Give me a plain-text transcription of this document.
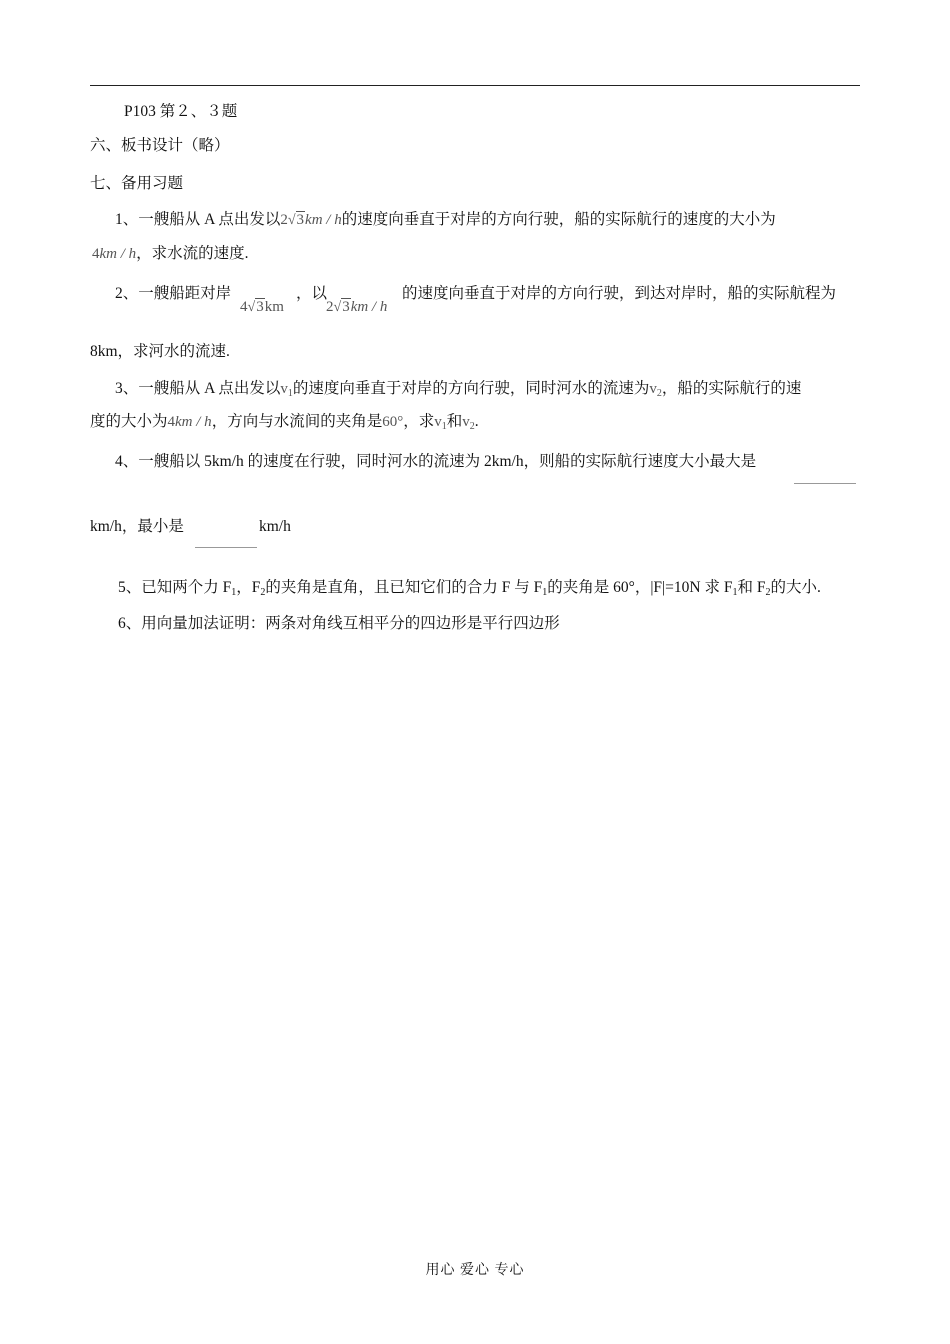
P103 第２、３题
六、板书设计（略）
七、备用习题
1、一艘船从 A 点出发以2√3km / h的速度向垂直于对岸的方向行驶，船的实际航行的速度的大小为
4km / h，求水流的速度.
2、一艘船距对岸
4√3km
，以
2√3km / h
的速度向垂直于对岸的方向行驶，到达对岸时，船的实际航程为
8km，求河水的流速.
3、一艘船从 A 点出发以$v_1$的速度向垂直于对岸的方向行驶，同时河水的流速为$v_2$，船的实际航行的速
度的大小为4km / h，方向与水流间的夹角是60°，求$v_1$和$v_2$.
4、一艘船以 5km/h 的速度在行驶，同时河水的流速为 2km/h，则船的实际航行速度大小最大是
km/h，最小是	km/h
5、已知两个力 $F_1$，$F_2$的夹角是直角，且已知它们的合力 F 与 $F_1$的夹角是 60°，|F|=10N 求 $F_1$和 $F_2$的大小.
6、用向量加法证明：两条对角线互相平分的四边形是平行四边形
用心 爱心 专心
